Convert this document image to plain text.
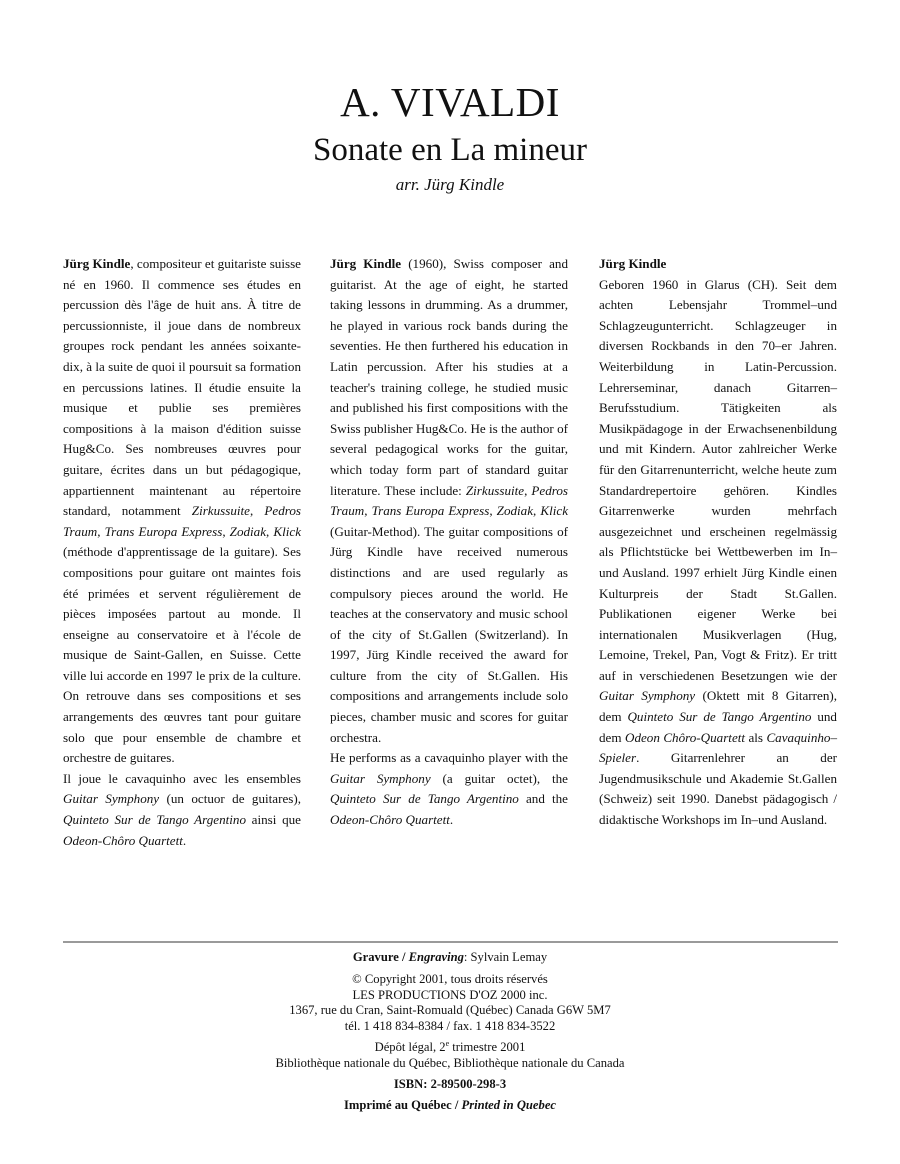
A. VIVALDI
Sonate en La mineur
arr. Jürg Kindle

Jürg Kindle, compositeur et guitariste suisse né en 1960. Il commence ses études en percussion dès l'âge de huit ans. À titre de percussionniste, il joue dans de nombreux groupes rock pendant les années soixante-dix, à la suite de quoi il poursuit sa formation en percussions latines. Il étudie ensuite la musique et publie ses premières compositions à la maison d'édition suisse Hug&Co. Ses nombreuses œuvres pour guitare, écrites dans un but pédagogique, appartiennent maintenant au répertoire standard, notamment Zirkussuite, Pedros Traum, Trans Europa Express, Zodiak, Klick (méthode d'apprentissage de la guitare). Ses compositions pour guitare ont maintes fois été primées et servent régulièrement de pièces imposées partout au monde. Il enseigne au conservatoire et à l'école de musique de Saint-Gallen, en Suisse. Cette ville lui accorde en 1997 le prix de la culture. On retrouve dans ses compositions et ses arrangements des œuvres tant pour guitare solo que pour ensemble de chambre et orchestre de guitares.

Il joue le cavaquinho avec les ensembles Guitar Symphony (un octuor de guitares), Quinteto Sur de Tango Argentino ainsi que Odeon-Chôro Quartett.

Jürg Kindle (1960), Swiss composer and guitarist. At the age of eight, he started taking lessons in drumming. As a drummer, he played in various rock bands during the seventies. He then furthered his education in Latin percussion. After his studies at a teacher's training college, he studied music and published his first compositions with the Swiss publisher Hug&Co. He is the author of several pedagogical works for the guitar, which today form part of standard guitar literature. These include: Zirkussuite, Pedros Traum, Trans Europa Express, Zodiak, Klick (Guitar-Method). The guitar compositions of Jürg Kindle have received numerous distinctions and are used regularly as compulsory pieces around the world. He teaches at the conservatory and music school of the city of St.Gallen (Switzerland). In 1997, Jürg Kindle received the award for culture from the city of St.Gallen. His compositions and arrangements include solo pieces, chamber music and scores for guitar orchestra.

He performs as a cavaquinho player with the Guitar Symphony (a guitar octet), the Quinteto Sur de Tango Argentino and the Odeon-Chôro Quartett.

Jürg Kindle

Geboren 1960 in Glarus (CH). Seit dem achten Lebensjahr Trommel–und Schlagzeugunterricht. Schlagzeuger in diversen Rockbands in den 70–er Jahren. Weiterbildung in Latin-Percussion. Lehrerseminar, danach Gitarren–Berufsstudium. Tätigkeiten als Musikpädagoge in der Erwachsenenbildung und mit Kindern. Autor zahlreicher Werke für den Gitarrenunterricht, welche heute zum Standardrepertoire gehören. Kindles Gitarrenwerke wurden mehrfach ausgezeichnet und erscheinen regelmässig als Pflichtstücke bei Wettbewerben im In–und Ausland. 1997 erhielt Jürg Kindle einen Kulturpreis der Stadt St.Gallen. Publikationen eigener Werke bei internationalen Musikverlagen (Hug, Lemoine, Trekel, Pan, Vogt & Fritz). Er tritt auf in verschiedenen Besetzungen wie der Guitar Symphony (Oktett mit 8 Gitarren), dem Quinteto Sur de Tango Argentino und dem Odeon Chôro-Quartett als Cavaquinho–Spieler. Gitarrenlehrer an der Jugendmusikschule und Akademie St.Gallen (Schweiz) seit 1990. Danebst pädagogisch / didaktische Workshops im In–und Ausland.

Gravure / Engraving: Sylvain Lemay
© Copyright 2001, tous droits réservés
LES PRODUCTIONS D'OZ 2000 inc.
1367, rue du Cran, Saint-Romuald (Québec) Canada G6W 5M7
tél. 1 418 834-8384 / fax. 1 418 834-3522
Dépôt légal, 2e trimestre 2001
Bibliothèque nationale du Québec, Bibliothèque nationale du Canada
ISBN: 2-89500-298-3
Imprimé au Québec / Printed in Quebec
